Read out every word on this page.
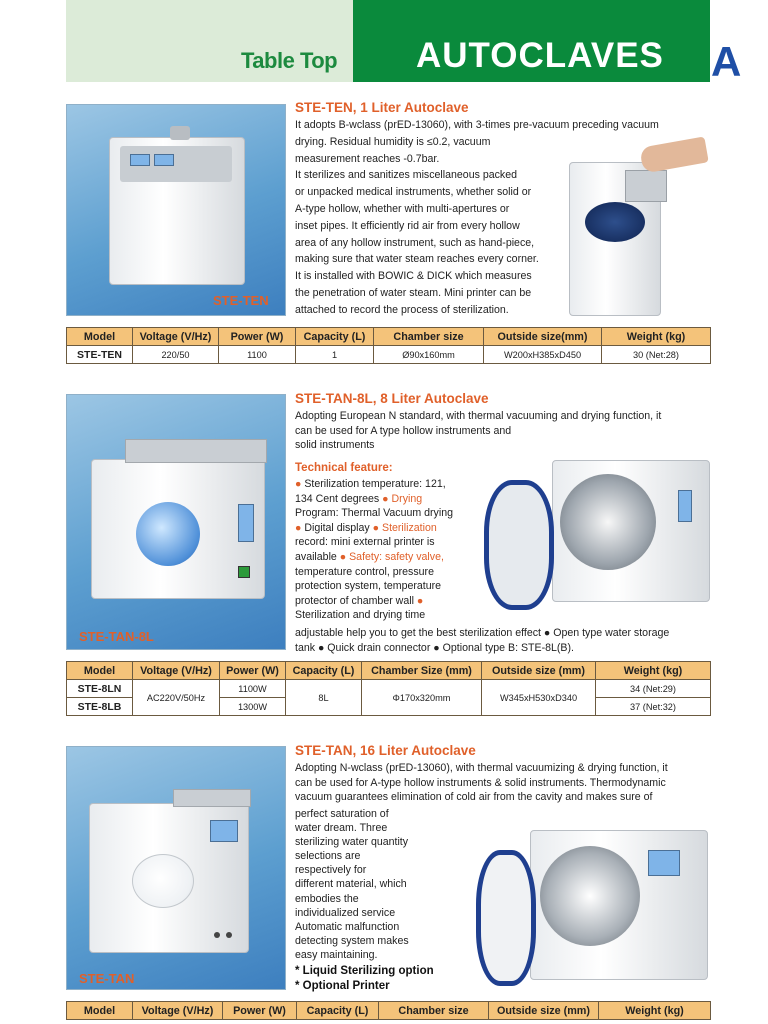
Table Top AUTOCLAVES A
STE-TEN
STE-TEN, 1 Liter Autoclave
It adopts B-wclass (prED-13060), with 3-times pre-vacuum preceding vacuum
drying. Residual humidity is ≤0.2, vacuum
measurement reaches -0.7bar.
It sterilizes and sanitizes miscellaneous packed
or unpacked medical instruments, whether solid or
A-type hollow, whether with multi-apertures or
inset pipes. It efficiently rid air from every hollow
area of any hollow instrument, such as hand-piece,
making sure that water steam reaches every corner.
It is installed with BOWIC & DICK which measures
the penetration of water steam. Mini printer can be
attached to record the process of sterilization.
Model	Voltage (V/Hz)	Power (W)	Capacity (L)	Chamber size	Outside size(mm)	Weight (kg)
STE-TEN	220/50	1100	1	Ø90x160mm	W200xH385xD450	30 (Net:28)
STE-TAN-8L
STE-TAN-8L, 8 Liter Autoclave
Adopting European N standard, with thermal vacuuming and drying function, it
can be used for A type hollow instruments and
solid instruments
Technical feature:
● Sterilization temperature: 121,
134 Cent degrees ● Drying
Program: Thermal Vacuum drying
● Digital display ● Sterilization
record: mini external printer is
available ● Safety: safety valve,
temperature control, pressure
protection system, temperature
protector of chamber wall ●
Sterilization and drying time
adjustable help you to get the best sterilization effect ● Open type water storage
tank ● Quick drain connector ● Optional type B: STE-8L(B).
Model	Voltage (V/Hz)	Power (W)	Capacity (L)	Chamber Size (mm)	Outside size (mm)	Weight (kg)
STE-8LN	AC220V/50Hz	1100W	8L	Φ170x320mm	W345xH530xD340	34 (Net:29)
STE-8LB		1300W				37 (Net:32)
STE-TAN
STE-TAN, 16 Liter Autoclave
Adopting N-wclass (prED-13060), with thermal vacuumizing & drying function, it
can be used for A-type hollow instruments & solid instruments. Thermodynamic
vacuum guarantees elimination of cold air from the cavity and makes sure of
perfect saturation of
water dream. Three
sterilizing water quantity
selections are
respectively for
different material, which
embodies the
individualized service
Automatic malfunction
detecting system makes
easy maintaining.
* Liquid Sterilizing option
* Optional Printer
Model	Voltage (V/Hz)	Power (W)	Capacity (L)	Chamber size	Outside size (mm)	Weight (kg)
